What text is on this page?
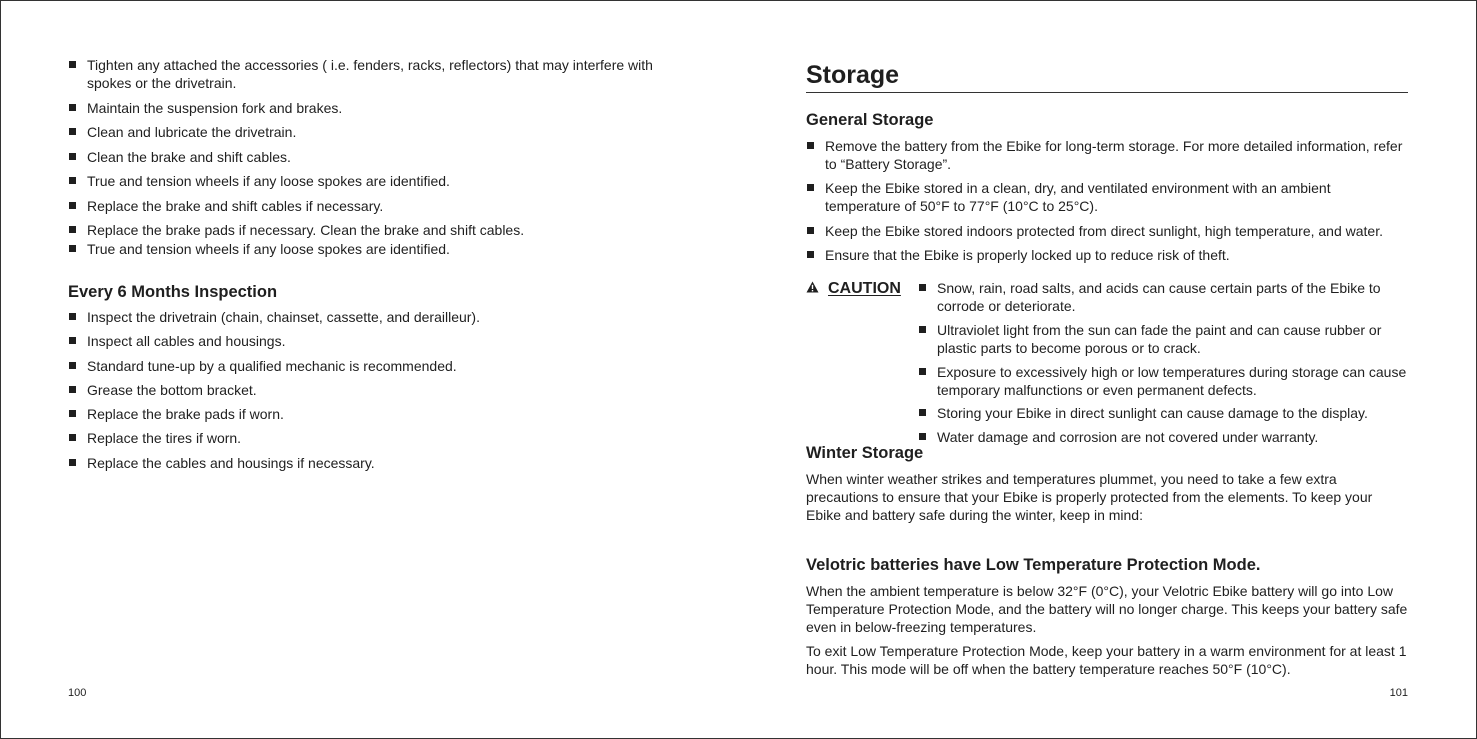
Tighten any attached the accessories ( i.e. fenders, racks, reflectors) that may interfere with spokes or the drivetrain.
Maintain the suspension fork and brakes.
Clean and lubricate the drivetrain.
Clean the brake and shift cables.
True and tension wheels if any loose spokes are identified.
Replace the brake and shift cables if necessary.
Replace the brake pads if necessary. Clean the brake and shift cables.
True and tension wheels if any loose spokes are identified.
Every 6 Months Inspection
Inspect the drivetrain (chain, chainset, cassette, and derailleur).
Inspect all cables and housings.
Standard tune-up by a qualified mechanic is recommended.
Grease the bottom bracket.
Replace the brake pads if worn.
Replace the tires if worn.
Replace the cables and housings if necessary.
100
Storage
General Storage
Remove the battery from the Ebike for long-term storage. For more detailed information, refer to “Battery Storage”.
Keep the Ebike stored in a clean, dry, and ventilated environment with an ambient temperature of 50°F to 77°F (10°C to 25°C).
Keep the Ebike stored indoors protected from direct sunlight, high temperature, and water.
Ensure that the Ebike is properly locked up to reduce risk of theft.
CAUTION	Snow, rain, road salts, and acids can cause certain parts of the Ebike to corrode or deteriorate.
Ultraviolet light from the sun can fade the paint and can cause rubber or plastic parts to become porous or to crack.
Exposure to excessively high or low temperatures during storage can cause temporary malfunctions or even permanent defects.
Storing your Ebike in direct sunlight can cause damage to the display.
Water damage and corrosion are not covered under warranty.
Winter Storage

When winter weather strikes and temperatures plummet, you need to take a few extra precautions to ensure that your Ebike is properly protected from the elements. To keep your Ebike and battery safe during the winter, keep in mind:

Velotric batteries have Low Temperature Protection Mode.

When the ambient temperature is below 32°F (0°C), your Velotric Ebike battery will go into Low Temperature Protection Mode, and the battery will no longer charge. This keeps your battery safe even in below-freezing temperatures.

To exit Low Temperature Protection Mode, keep your battery in a warm environment for at least 1 hour. This mode will be off when the battery temperature reaches 50°F (10°C).

101
